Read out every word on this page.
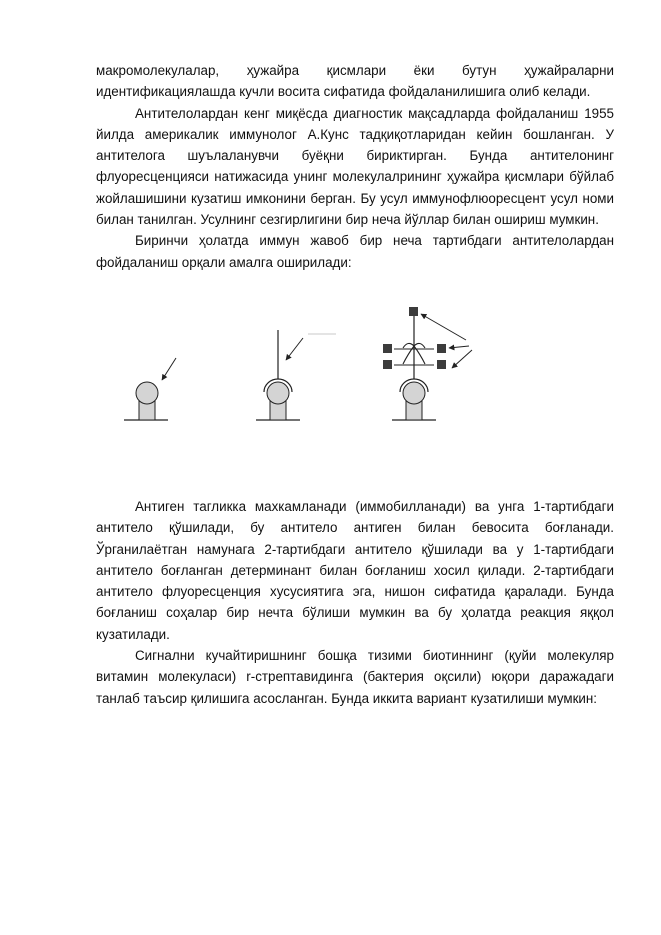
макромолекулалар, ҳужайра қисмлари ёки бутун ҳужайраларни идентификациялашда кучли восита сифатида фойдаланилишига олиб келади.

Антителолардан кенг миқёсда диагностик мақсадларда фойдаланиш 1955 йилда америкалик иммунолог А.Кунс тадқиқотларидан кейин бошланган. У антителога шуълаланувчи буёқни бириктирган. Бунда антителонинг флуоресценцияси натижасида унинг молекулалрининг ҳужайра қисмлари бўйлаб жойлашишини кузатиш имконини берган. Бу усул иммунофлюоресцент усул номи билан танилган. Усулнинг сезгирлигини бир неча йўллар билан ошириш мумкин.

Биринчи ҳолатда иммун жавоб бир неча тартибдаги антителолардан фойдаланиш орқали амалга оширилади:

Антиген тагликка махкамланади (иммобилланади) ва унга 1-тартибдаги антитело қўшилади, бу антитело антиген билан бевосита боғланади. Ўрганилаётган намунага 2-тартибдаги антитело қўшилади ва у 1-тартибдаги антитело боғланган детерминант билан боғланиш хосил қилади. 2-тартибдаги антитело флуоресценция хусусиятига эга, нишон сифатида қаралади. Бунда боғланиш соҳалар бир нечта бўлиши мумкин ва бу ҳолатда реакция яққол кузатилади.

Сигнални кучайтиришнинг бошқа тизими биотиннинг (қуйи молекуляр витамин молекуласи) r-стрептавидинга (бактерия оқсили) юқори даражадаги танлаб таъсир қилишига асосланган. Бунда иккита вариант кузатилиши мумкин:
